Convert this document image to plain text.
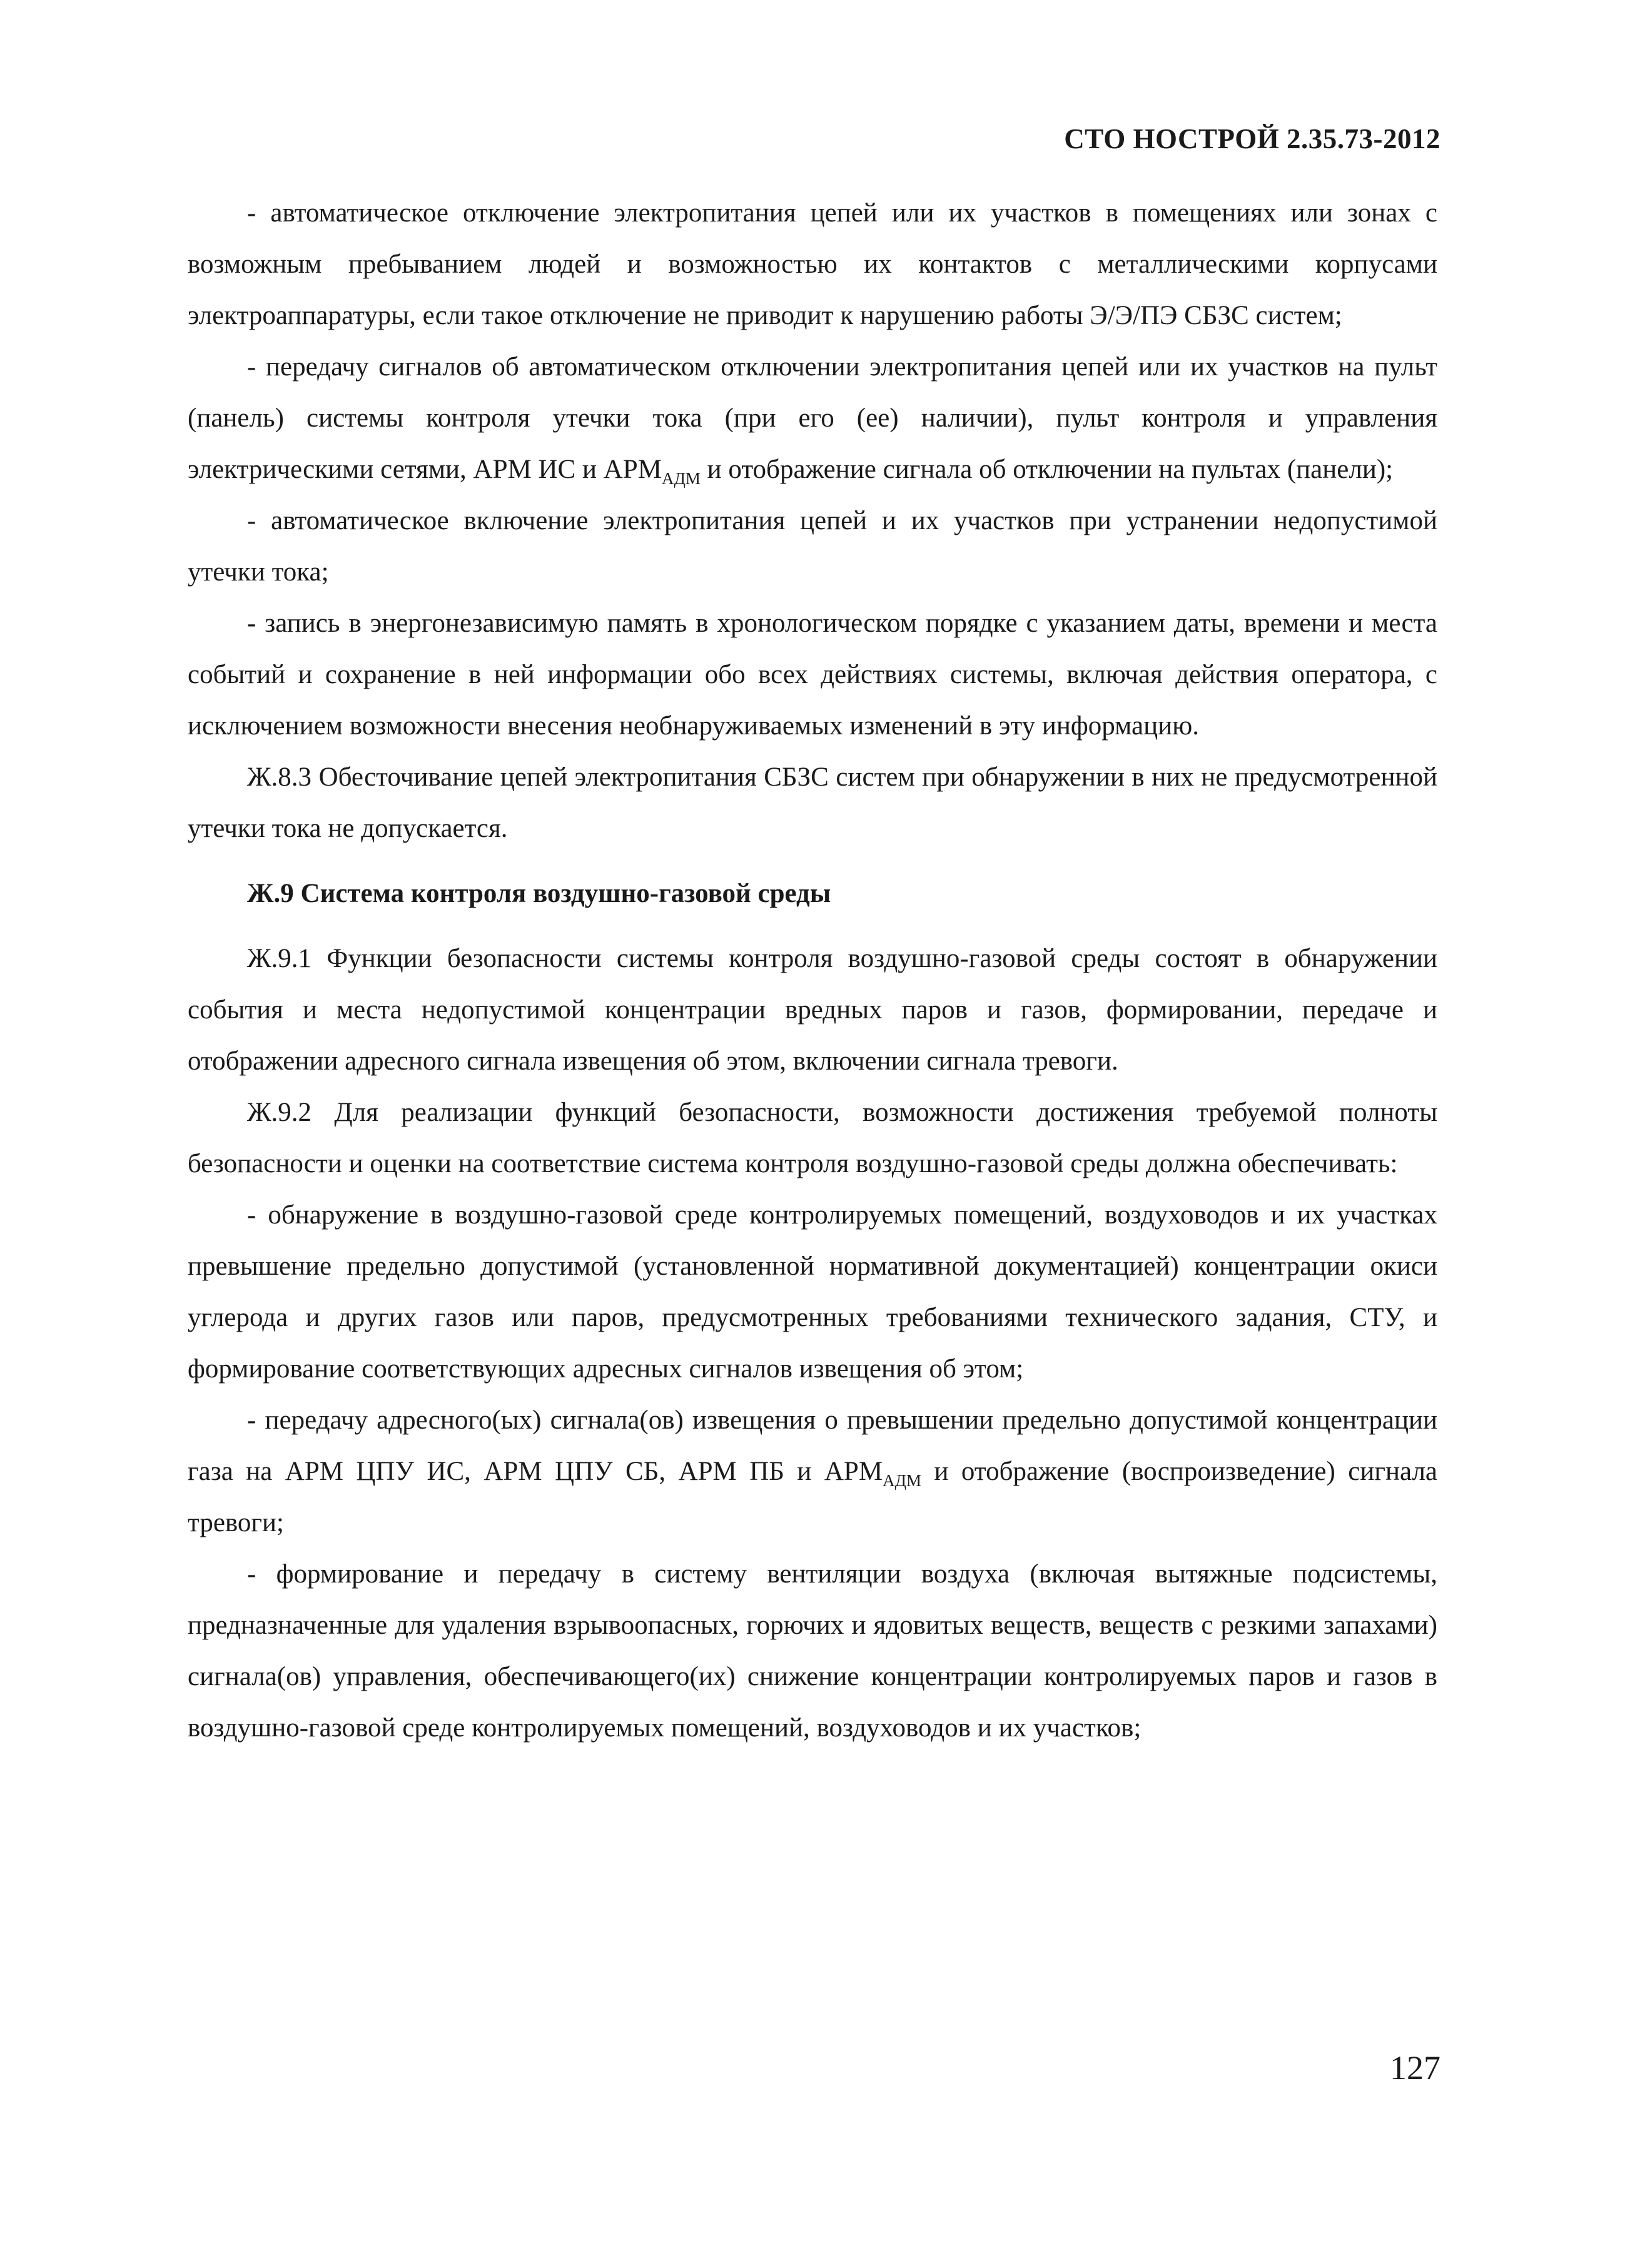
СТО НОСТРОЙ 2.35.73-2012

- автоматическое отключение электропитания цепей или их участков в помещениях или зонах с возможным пребыванием людей и возможностью их контактов с металлическими корпусами электроаппаратуры, если такое отключение не приводит к нарушению работы Э/Э/ПЭ СБЗС систем;

- передачу сигналов об автоматическом отключении электропитания цепей или их участков на пульт (панель) системы контроля утечки тока (при его (ее) наличии), пульт контроля и управления электрическими сетями, АРМ ИС и $АРМ_{АДМ}$ и отображение сигнала об отключении на пультах (панели);

- автоматическое включение электропитания цепей и их участков при устранении недопустимой утечки тока;

- запись в энергонезависимую память в хронологическом порядке с указанием даты, времени и места событий и сохранение в ней информации обо всех действиях системы, включая действия оператора, с исключением возможности внесения необнаруживаемых изменений в эту информацию.

Ж.8.3 Обесточивание цепей электропитания СБЗС систем при обнаружении в них не предусмотренной утечки тока не допускается.

Ж.9 Система контроля воздушно-газовой среды

Ж.9.1 Функции безопасности системы контроля воздушно-газовой среды состоят в обнаружении события и места недопустимой концентрации вредных паров и газов, формировании, передаче и отображении адресного сигнала извещения об этом, включении сигнала тревоги.

Ж.9.2 Для реализации функций безопасности, возможности достижения требуемой полноты безопасности и оценки на соответствие система контроля воздушно-газовой среды должна обеспечивать:

- обнаружение в воздушно-газовой среде контролируемых помещений, воздуховодов и их участках превышение предельно допустимой (установленной нормативной документацией) концентрации окиси углерода и других газов или паров, предусмотренных требованиями технического задания, СТУ, и формирование соответствующих адресных сигналов извещения об этом;

- передачу адресного(ых) сигнала(ов) извещения о превышении предельно допустимой концентрации газа на АРМ ЦПУ ИС, АРМ ЦПУ СБ, АРМ ПБ и $АРМ_{АДМ}$ и отображение (воспроизведение) сигнала тревоги;

- формирование и передачу в систему вентиляции воздуха (включая вытяжные подсистемы, предназначенные для удаления взрывоопасных, горючих и ядовитых веществ, веществ с резкими запахами) сигнала(ов) управления, обеспечивающего(их) снижение концентрации контролируемых паров и газов в воздушно-газовой среде контролируемых помещений, воздуховодов и их участков;

127
